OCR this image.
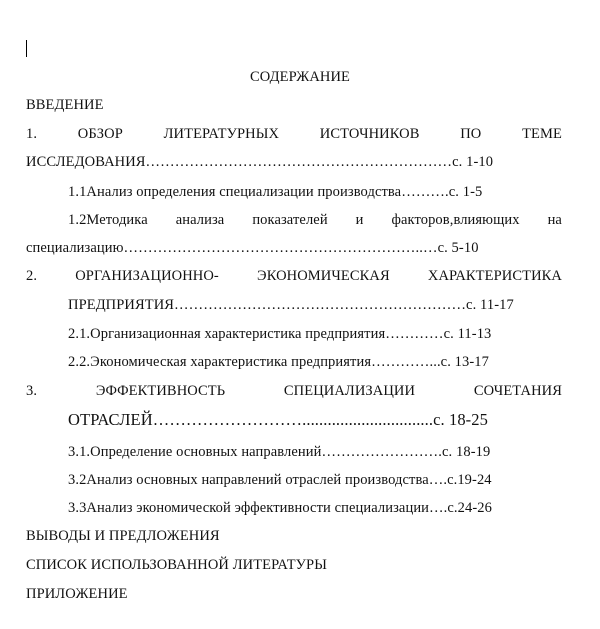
СОДЕРЖАНИЕ
ВВЕДЕНИЕ
1.	ОБЗОР	ЛИТЕРАТУРНЫХ	ИСТОЧНИКОВ	ПО	ТЕМЕ
ИССЛЕДОВАНИЯ………………………………………………………с. 1-10
1.1Анализ определения специализации производства……….с. 1-5
1.2Методика анализа показателей и факторов,влияющих на
специализацию……………………………………………………..…с. 5-10
2.	ОРГАНИЗАЦИОННО-	ЭКОНОМИЧЕСКАЯ	ХАРАКТЕРИСТИКА
ПРЕДПРИЯТИЯ……………………………………………………с. 11-17
2.1.Организационная характеристика предприятия…………с. 11-13
2.2.Экономическая характеристика предприятия…………...с. 13-17
3.	ЭФФЕКТИВНОСТЬ	СПЕЦИАЛИЗАЦИИ	СОЧЕТАНИЯ
ОТРАСЛЕЙ………………………...............................с. 18-25
3.1.Определение основных направлений…………………….с. 18-19
3.2Анализ основных направлений отраслей производства….с.19-24
3.3Анализ экономической эффективности специализации….с.24-26
ВЫВОДЫ И ПРЕДЛОЖЕНИЯ
СПИСОК ИСПОЛЬЗОВАННОЙ ЛИТЕРАТУРЫ
ПРИЛОЖЕНИЕ
